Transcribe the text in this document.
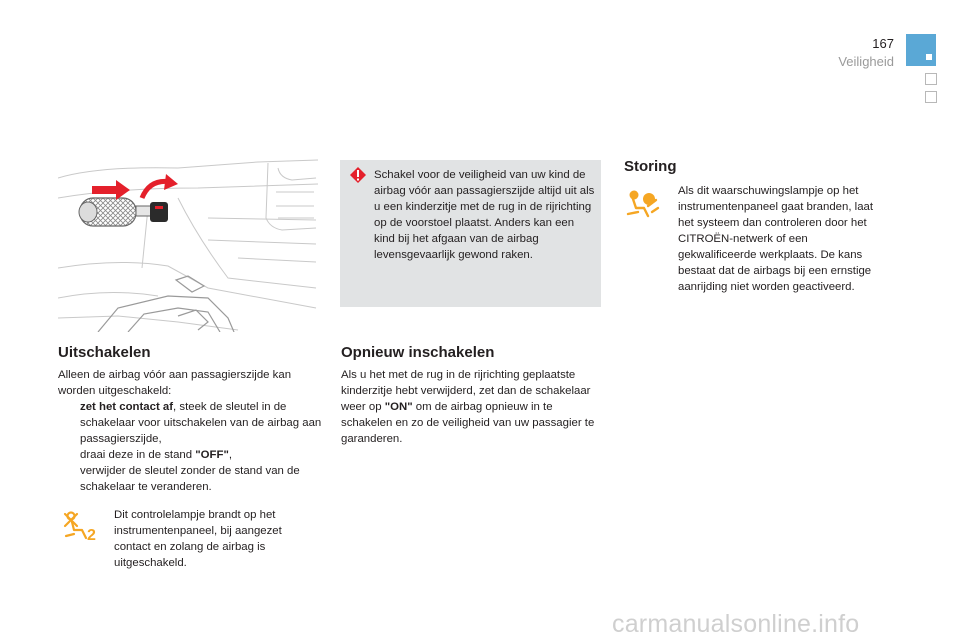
167
Veiligheid
Schakel voor de veiligheid van uw kind de airbag vóór aan passagierszijde altijd uit als u een kinderzitje met de rug in de rijrichting op de voorstoel plaatst. Anders kan een kind bij het afgaan van de airbag levensgevaarlijk gewond raken.
Uitschakelen
Alleen de airbag vóór aan passagierszijde kan worden uitgeschakeld:
zet het contact af, steek de sleutel in de schakelaar voor uitschakelen van de airbag aan passagierszijde,
draai deze in de stand "OFF",
verwijder de sleutel zonder de stand van de schakelaar te veranderen.
2
Dit controlelampje brandt op het instrumentenpaneel, bij aangezet contact en zolang de airbag is uitgeschakeld.
Opnieuw inschakelen
Als u het met de rug in de rijrichting geplaatste kinderzitje hebt verwijderd, zet dan de schakelaar weer op "ON" om de airbag opnieuw in te schakelen en zo de veiligheid van uw passagier te garanderen.
Storing
Als dit waarschuwingslampje op het instrumentenpaneel gaat branden, laat het systeem dan controleren door het CITROËN-netwerk of een gekwalificeerde werkplaats. De kans bestaat dat de airbags bij een ernstige aanrijding niet worden geactiveerd.
carmanualsonline.info
